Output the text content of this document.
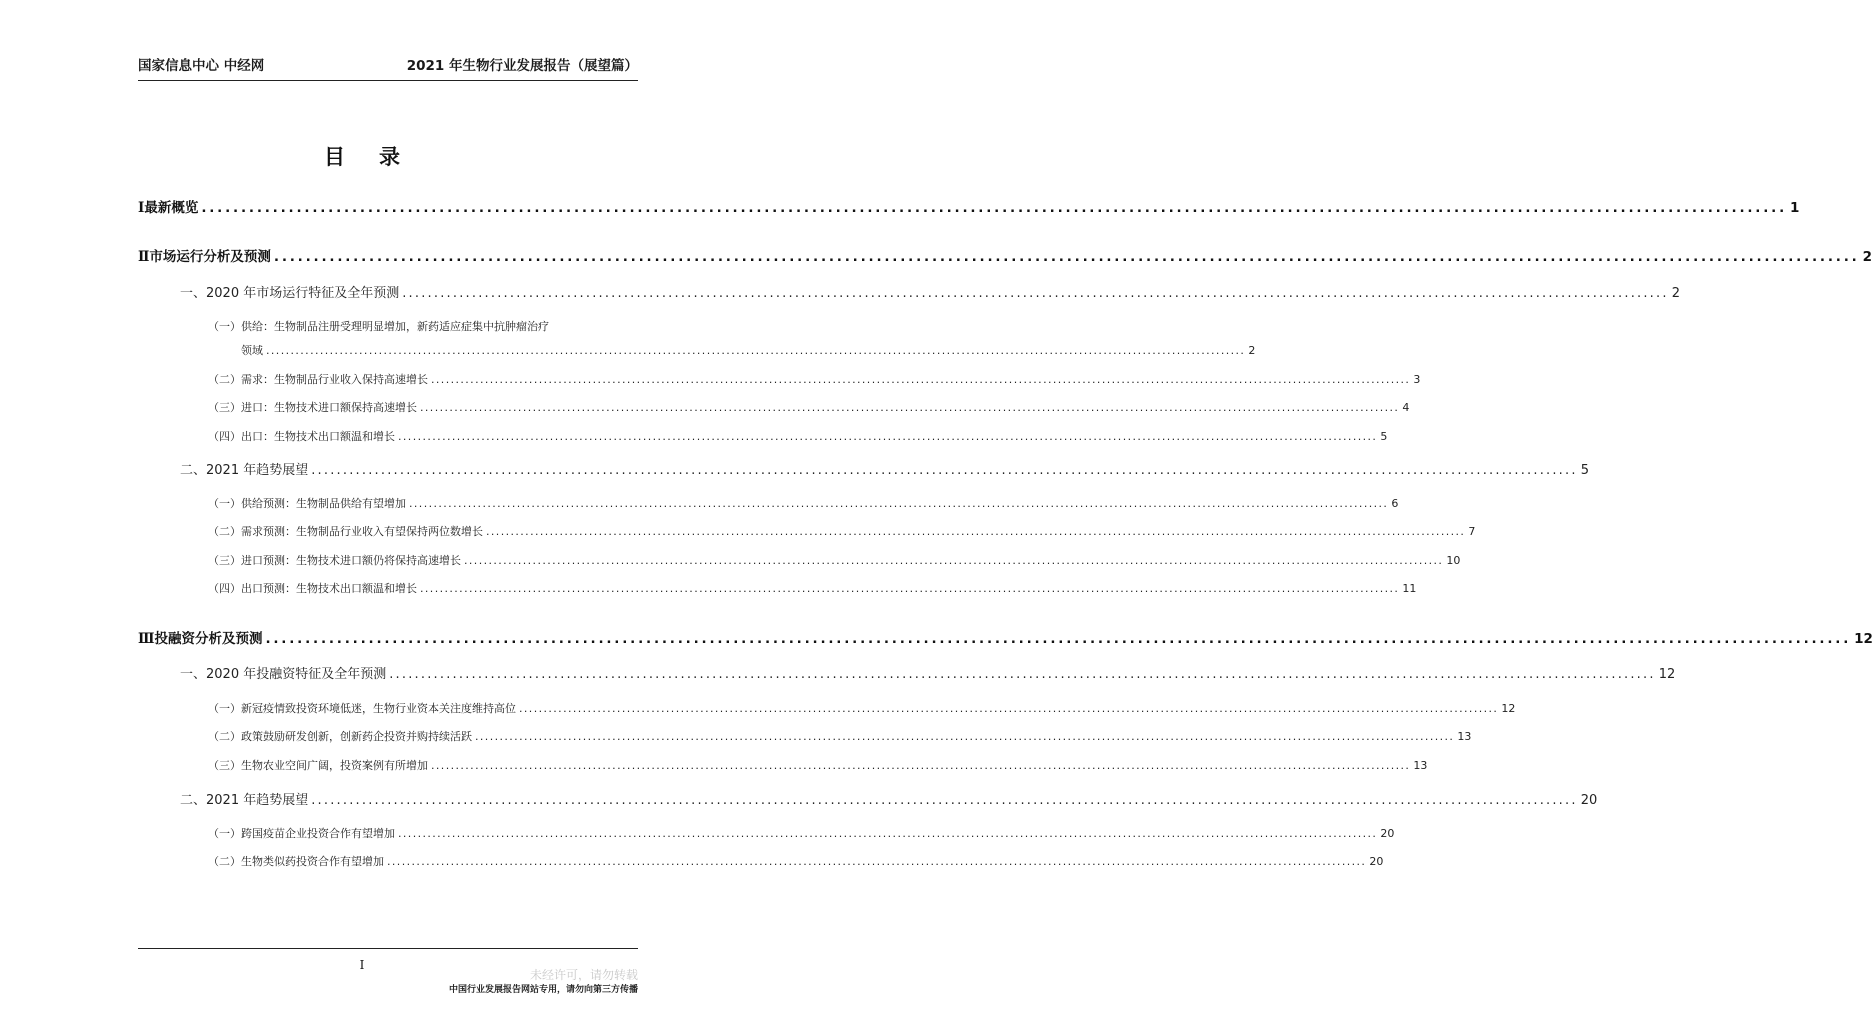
国家信息中心 中经网	2021 年生物行业发展报告（展望篇）
目录
Ⅰ 最新概览 ........................................................................................................................................................................................................ 1
Ⅱ 市场运行分析及预测 ........................................................................................................................................................................................................ 2
一、2020 年市场运行特征及全年预测 ........................................................................................................................................................................................................ 2
（一）供给：生物制品注册受理明显增加，新药适应症集中抗肿瘤治疗
领域 ........................................................................................................................................................................................................ 2
（二）需求：生物制品行业收入保持高速增长 ........................................................................................................................................................................................................ 3
（三）进口：生物技术进口额保持高速增长 ........................................................................................................................................................................................................ 4
（四）出口：生物技术出口额温和增长 ........................................................................................................................................................................................................ 5
二、2021 年趋势展望 ........................................................................................................................................................................................................ 5
（一）供给预测：生物制品供给有望增加 ........................................................................................................................................................................................................ 6
（二）需求预测：生物制品行业收入有望保持两位数增长 ........................................................................................................................................................................................................ 7
（三）进口预测：生物技术进口额仍将保持高速增长 ........................................................................................................................................................................................................ 10
（四）出口预测：生物技术出口额温和增长 ........................................................................................................................................................................................................ 11
Ⅲ 投融资分析及预测 ........................................................................................................................................................................................................ 12
一、2020 年投融资特征及全年预测 ........................................................................................................................................................................................................ 12
（一）新冠疫情致投资环境低迷，生物行业资本关注度维持高位 ........................................................................................................................................................................................................ 12
（二）政策鼓励研发创新，创新药企投资并购持续活跃 ........................................................................................................................................................................................................ 13
（三）生物农业空间广阔，投资案例有所增加 ........................................................................................................................................................................................................ 13
二、2021 年趋势展望 ........................................................................................................................................................................................................ 20
（一）跨国疫苗企业投资合作有望增加 ........................................................................................................................................................................................................ 20
（二）生物类似药投资合作有望增加 ........................................................................................................................................................................................................ 20
I
未经许可，请勿转载
中国行业发展报告网站专用，请勿向第三方传播
